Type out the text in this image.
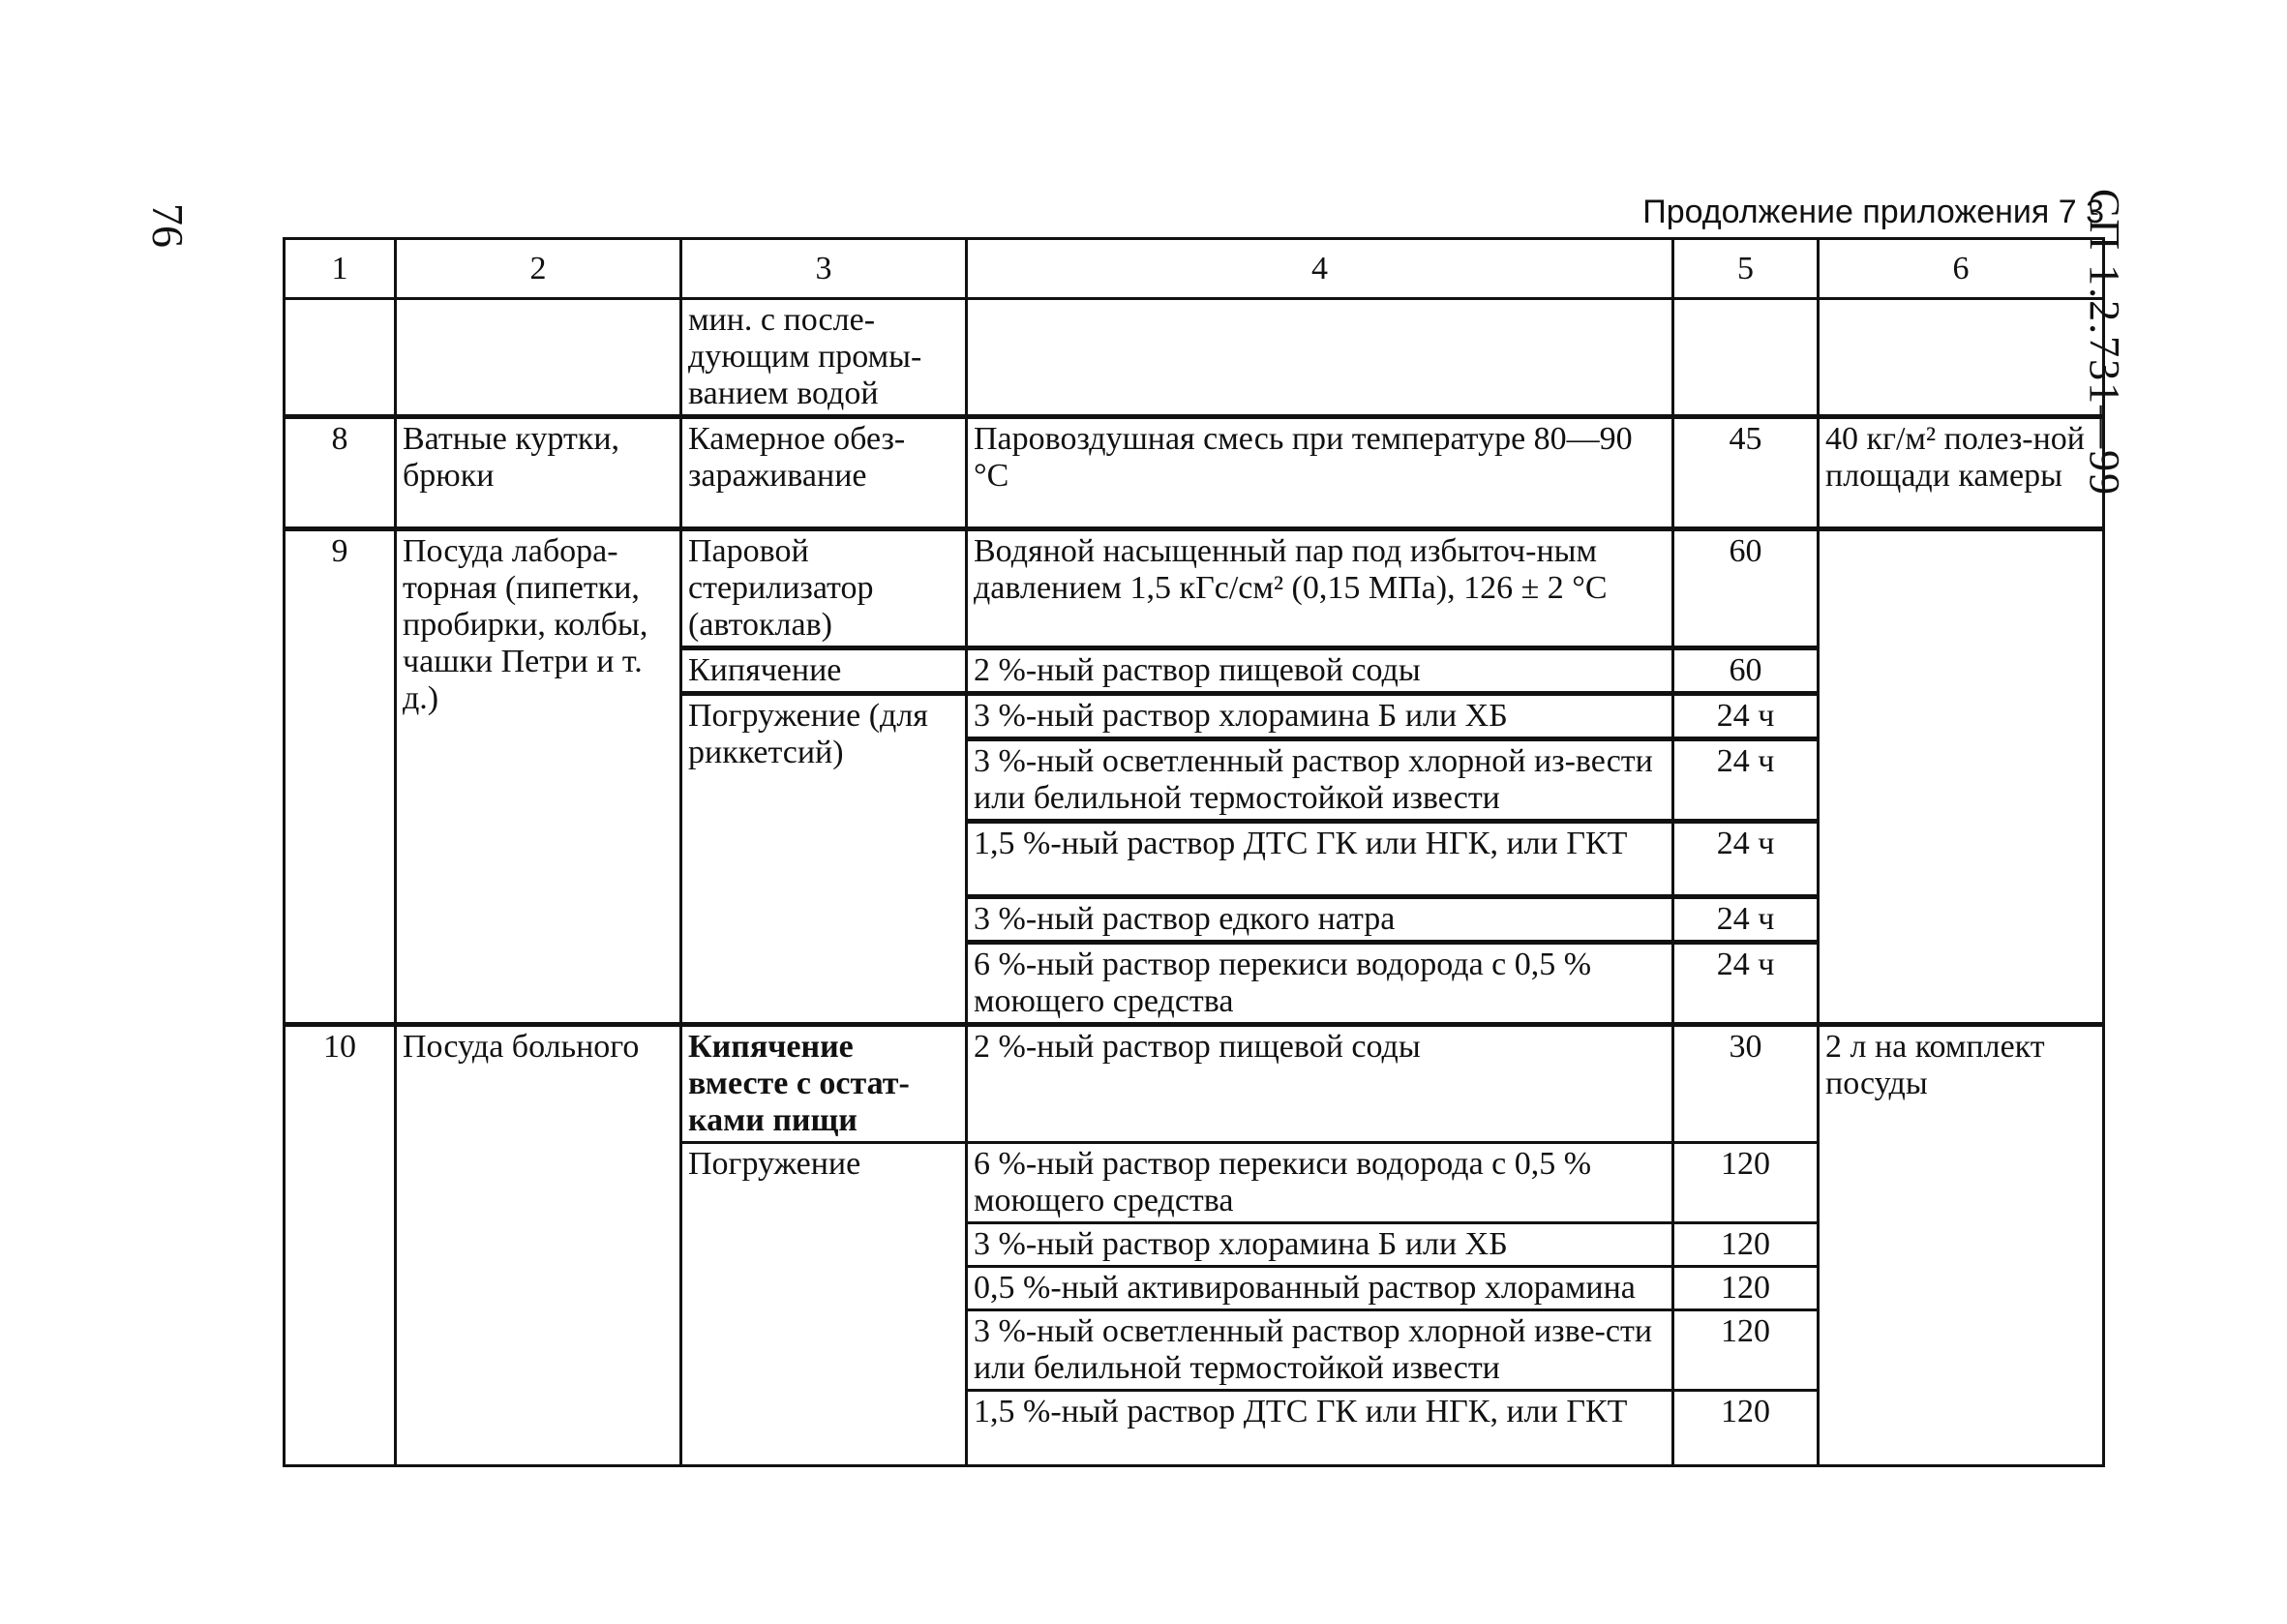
76	СП 1.2.731—99
Продолжение приложения 7 3
1	2	3	4	5	6
		мин. с после-дующим промы-ванием водой			
8	Ватные куртки, брюки	Камерное обез-зараживание	Паровоздушная смесь при температуре 80—90 °С	45	40 кг/м² полез-ной площади камеры
9	Посуда лабора-торная (пипетки, пробирки, колбы, чашки Петри и т. д.)	Паровой стерилизатор (автоклав)	Водяной насыщенный пар под избыточ-ным давлением 1,5 кГс/см² (0,15 МПа), 126 ± 2 °С	60	
		Кипячение	2 %-ный раствор пищевой соды	60	
		Погружение (для риккетсий)	3 %-ный раствор хлорамина Б или ХБ	24 ч	
			3 %-ный осветленный раствор хлорной из-вести или белильной термостойкой извести	24 ч	
			1,5 %-ный раствор ДТС ГК или НГК, или ГКТ	24 ч	
			3 %-ный раствор едкого натра	24 ч	
			6 %-ный раствор перекиси водорода с 0,5 % моющего средства	24 ч	
10	Посуда больного	Кипячение вместе с остат-ками пищи	2 %-ный раствор пищевой соды	30	2 л на комплект посуды
		Погружение	6 %-ный раствор перекиси водорода с 0,5 % моющего средства	120	
			3 %-ный раствор хлорамина Б или ХБ	120	
			0,5 %-ный активированный раствор хлорамина	120	
			3 %-ный осветленный раствор хлорной изве-сти или белильной термостойкой извести	120	
			1,5 %-ный раствор ДТС ГК или НГК, или ГКТ	120	
